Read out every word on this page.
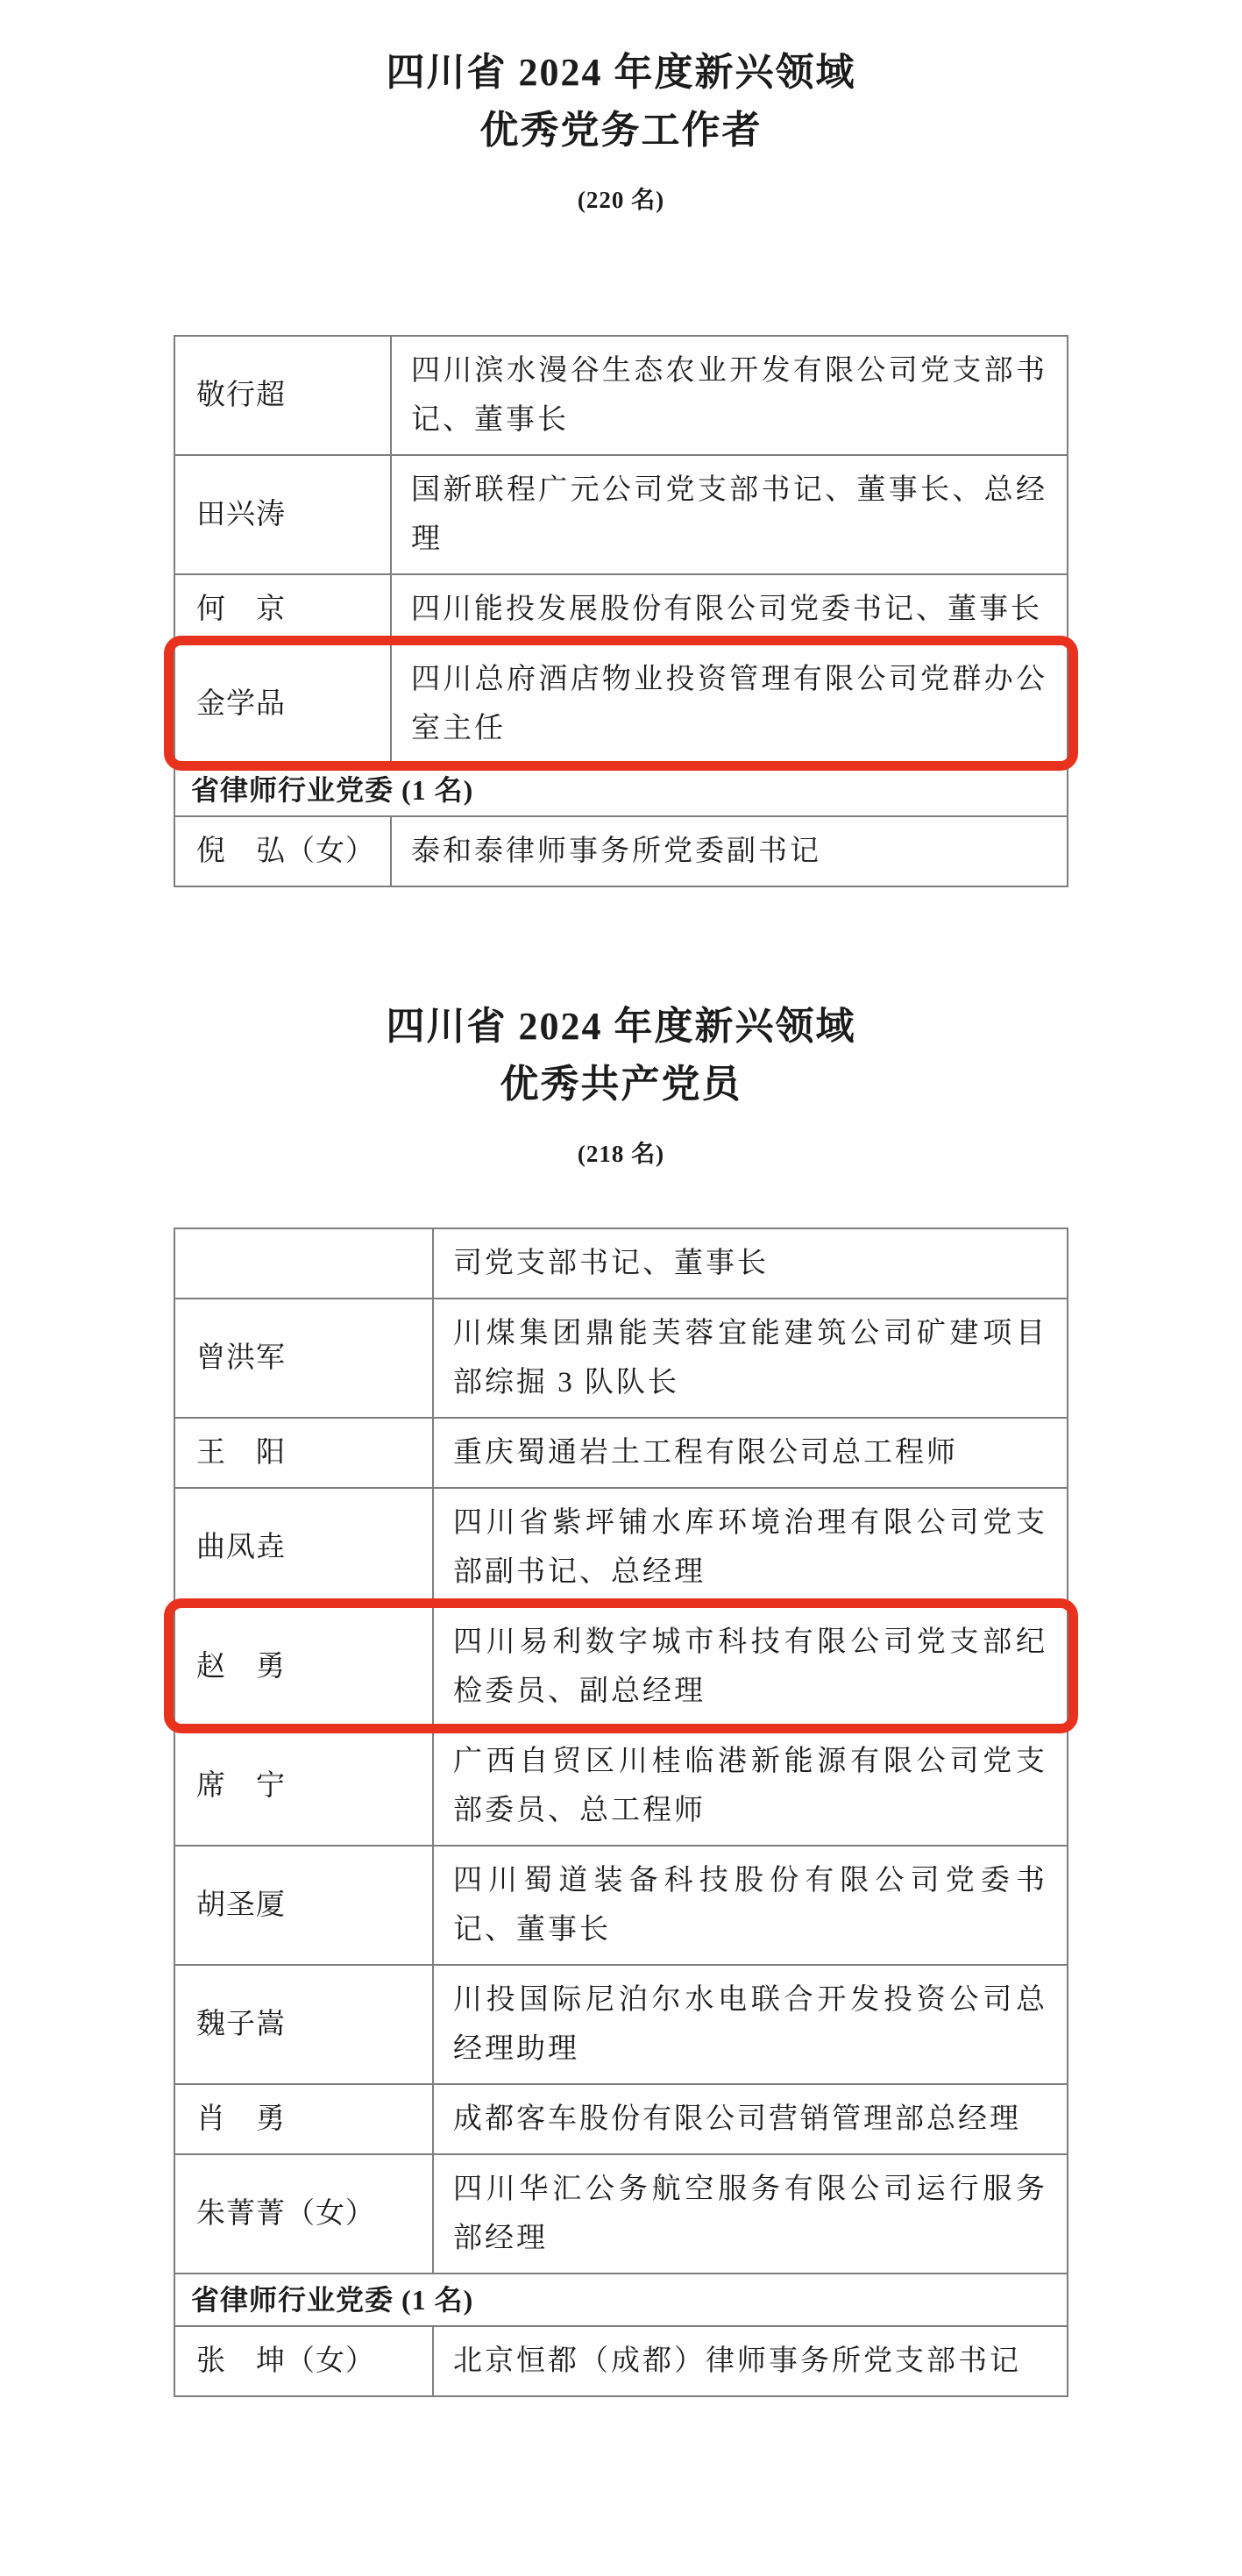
四川省 2024 年度新兴领域
优秀党务工作者
(220 名)
敬行超	四川滨水漫谷生态农业开发有限公司党支部书记、董事长
田兴涛	国新联程广元公司党支部书记、董事长、总经理
何　京	四川能投发展股份有限公司党委书记、董事长
金学品	四川总府酒店物业投资管理有限公司党群办公室主任
省律师行业党委 (1 名)	
倪　弘（女）	泰和泰律师事务所党委副书记
四川省 2024 年度新兴领域
优秀共产党员
(218 名)
	司党支部书记、董事长
曾洪军	川煤集团鼎能芙蓉宜能建筑公司矿建项目部综掘 3 队队长
王　阳	重庆蜀通岩土工程有限公司总工程师
曲凤垚	四川省紫坪铺水库环境治理有限公司党支部副书记、总经理
赵　勇	四川易利数字城市科技有限公司党支部纪检委员、副总经理
席　宁	广西自贸区川桂临港新能源有限公司党支部委员、总工程师
胡圣厦	四川蜀道装备科技股份有限公司党委书记、董事长
魏子嵩	川投国际尼泊尔水电联合开发投资公司总经理助理
肖　勇	成都客车股份有限公司营销管理部总经理
朱菁菁（女）	四川华汇公务航空服务有限公司运行服务部经理
省律师行业党委 (1 名)	
张　坤（女）	北京恒都（成都）律师事务所党支部书记
